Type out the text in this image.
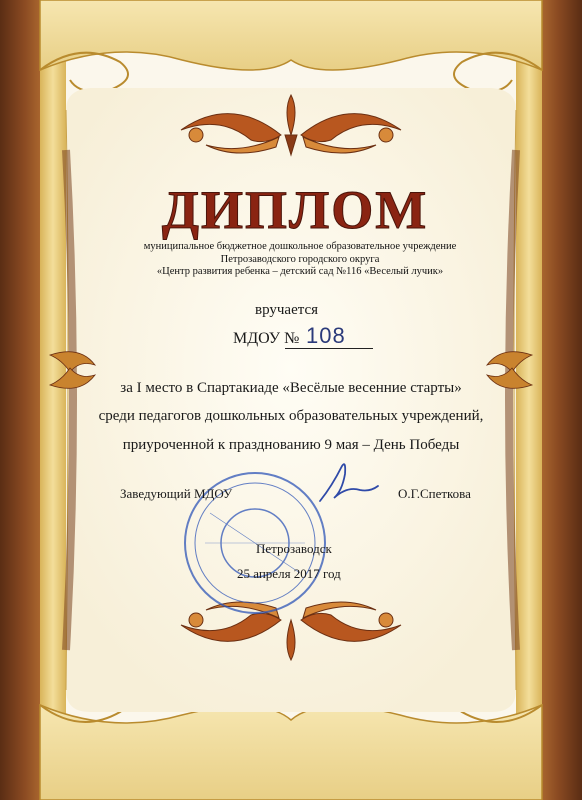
ДИПЛОМ
муниципальное бюджетное дошкольное образовательное учреждение
Петрозаводского городского округа
«Центр развития ребенка – детский сад №116 «Веселый лучик»
вручается
МДОУ № 108
за I место в Спартакиаде «Весёлые весенние старты»
среди педагогов дошкольных образовательных учреждений,
приуроченной к празднованию 9 мая – День Победы
Заведующий МДОУ	О.Г.Спеткова
Петрозаводск
25 апреля 2017 год
